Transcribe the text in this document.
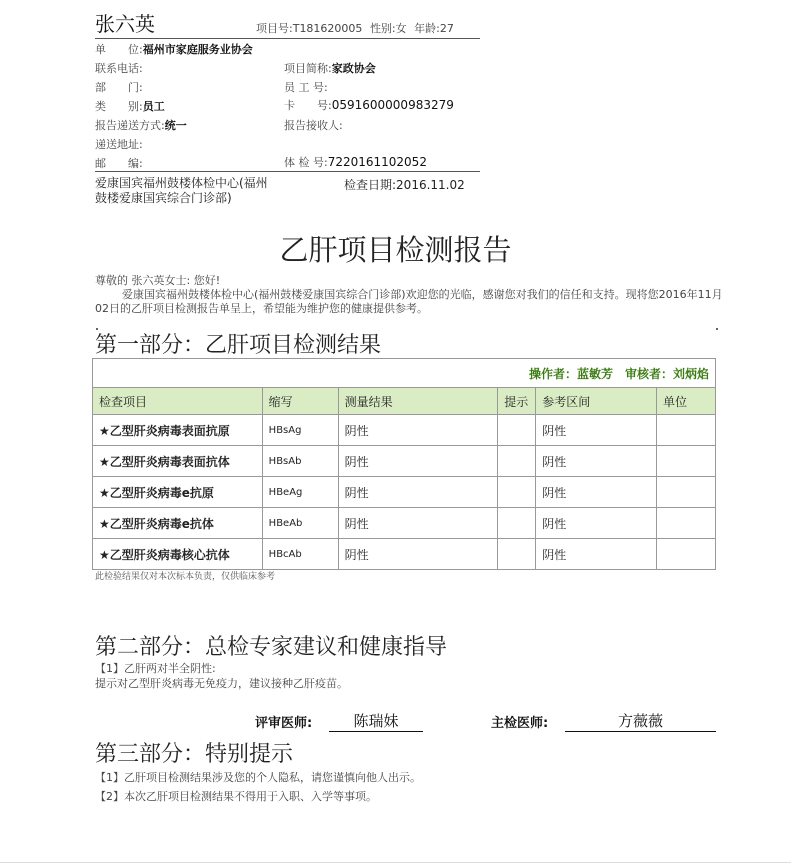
张六英	项目号:T181620005 性别:女 年龄:27
单　　位:福州市家庭服务业协会
联系电话:	项目简称:家政协会
部　　门:	员 工 号:
类　　别:员工	卡　　号:0591600000983279
报告递送方式:统一	报告接收人:
递送地址:
邮　　编:	体 检 号:7220161102052
爱康国宾福州鼓楼体检中心(福州鼓楼爱康国宾综合门诊部)
检查日期:2016.11.02
乙肝项目检测报告
尊敬的 张六英女士: 您好!
爱康国宾福州鼓楼体检中心(福州鼓楼爱康国宾综合门诊部)欢迎您的光临，感谢您对我们的信任和支持。现将您2016年11月02日的乙肝项目检测报告单呈上，希望能为维护您的健康提供参考。
第一部分：乙肝项目检测结果
操作者：蓝敏芳　审核者：刘炳焰					
检查项目	缩写	测量结果	提示	参考区间	单位
★乙型肝炎病毒表面抗原	HBsAg	阴性		阴性	
★乙型肝炎病毒表面抗体	HBsAb	阴性		阴性	
★乙型肝炎病毒e抗原	HBeAg	阴性		阴性	
★乙型肝炎病毒e抗体	HBeAb	阴性		阴性	
★乙型肝炎病毒核心抗体	HBcAb	阴性		阴性	
此检验结果仅对本次标本负责，仅供临床参考
第二部分：总检专家建议和健康指导
【1】乙肝两对半全阴性:
提示对乙型肝炎病毒无免疫力，建议接种乙肝疫苗。
评审医师:	陈瑞妹	主检医师:	方薇薇
第三部分：特别提示
【1】乙肝项目检测结果涉及您的个人隐私，请您谨慎向他人出示。
【2】本次乙肝项目检测结果不得用于入职、入学等事项。
